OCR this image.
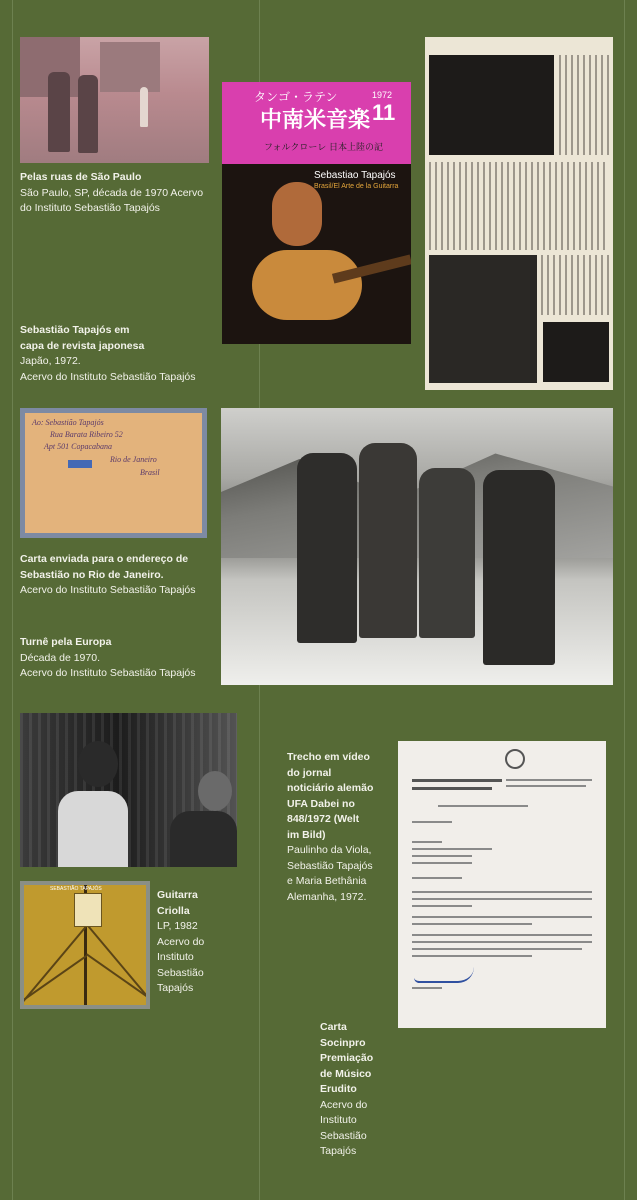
Pelas ruas de São Paulo
São Paulo, SP, década de 1970 Acervo
do Instituto Sebastião Tapajós
タンゴ・ラテン
中南米音楽
1972
11
フォルクローレ 日本上陸の記
Sebastiao Tapajós
Brasil/El Arte de la Guitarra
Sebastião Tapajós em
capa de revista japonesa
Japão, 1972.
Acervo do Instituto Sebastião Tapajós
Ao: Sebastião Tapajós
Rua Barata Ribeiro 52
Apt 501 Copacabana
Rio de Janeiro
Brasil
Carta enviada para o endereço de
Sebastião no Rio de Janeiro.
Acervo do Instituto Sebastião Tapajós
Turnê pela Europa
Década de 1970.
Acervo do Instituto Sebastião Tapajós
Trecho em vídeo
do jornal
noticiário alemão
UFA Dabei no
848/1972 (Welt
im Bild)
Paulinho da Viola,
Sebastião Tapajós
e Maria Bethânia
Alemanha, 1972.
SEBASTIÃO TAPAJÓS	Guitarra
Criolla
LP, 1982
Acervo do
Instituto
Sebastião
Tapajós
Carta
Socinpro
Premiação
de Músico
Erudito
Acervo do
Instituto
Sebastião
Tapajós
